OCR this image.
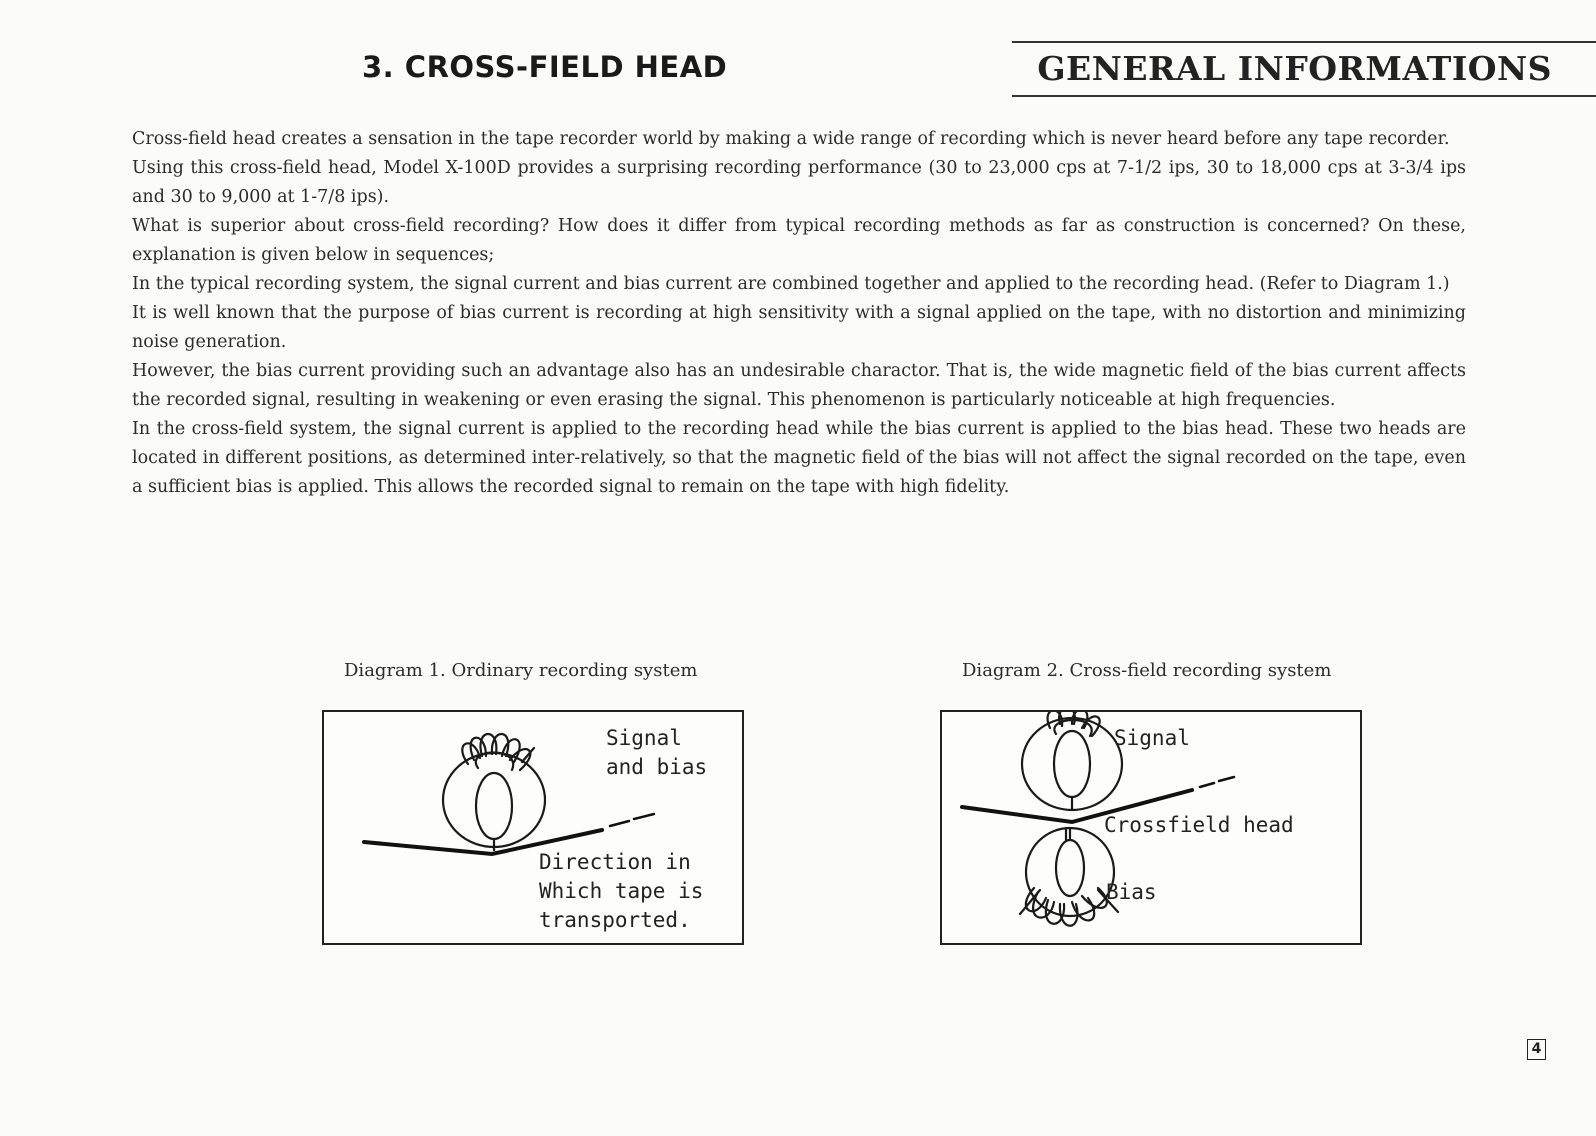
3. CROSS-FIELD HEAD	GENERAL INFORMATIONS

Cross-field head creates a sensation in the tape recorder world by making a wide range of recording which is never heard before any tape recorder.

Using this cross-field head, Model X-100D provides a surprising recording performance (30 to 23,000 cps at 7-1/2 ips, 30 to 18,000 cps at 3-3/4 ips and 30 to 9,000 at 1-7/8 ips).

What is superior about cross-field recording? How does it differ from typical recording methods as far as construction is concerned? On these, explanation is given below in sequences;

In the typical recording system, the signal current and bias current are combined together and applied to the recording head. (Refer to Diagram 1.)

It is well known that the purpose of bias current is recording at high sensitivity with a signal applied on the tape, with no distortion and minimizing noise generation.

However, the bias current providing such an advantage also has an undesirable charactor. That is, the wide magnetic field of the bias current affects the recorded signal, resulting in weakening or even erasing the signal. This phenomenon is particularly noticeable at high frequencies.

In the cross-field system, the signal current is applied to the recording head while the bias current is applied to the bias head. These two heads are located in different positions, as determined inter-relatively, so that the magnetic field of the bias will not affect the signal recorded on the tape, even a sufficient bias is applied. This allows the recorded signal to remain on the tape with high fidelity.

Diagram 1. Ordinary recording system
Signal
and bias
Direction in
Which tape is
transported.
Diagram 2. Cross-field recording system
Signal
Crossfield head
Bias
4
